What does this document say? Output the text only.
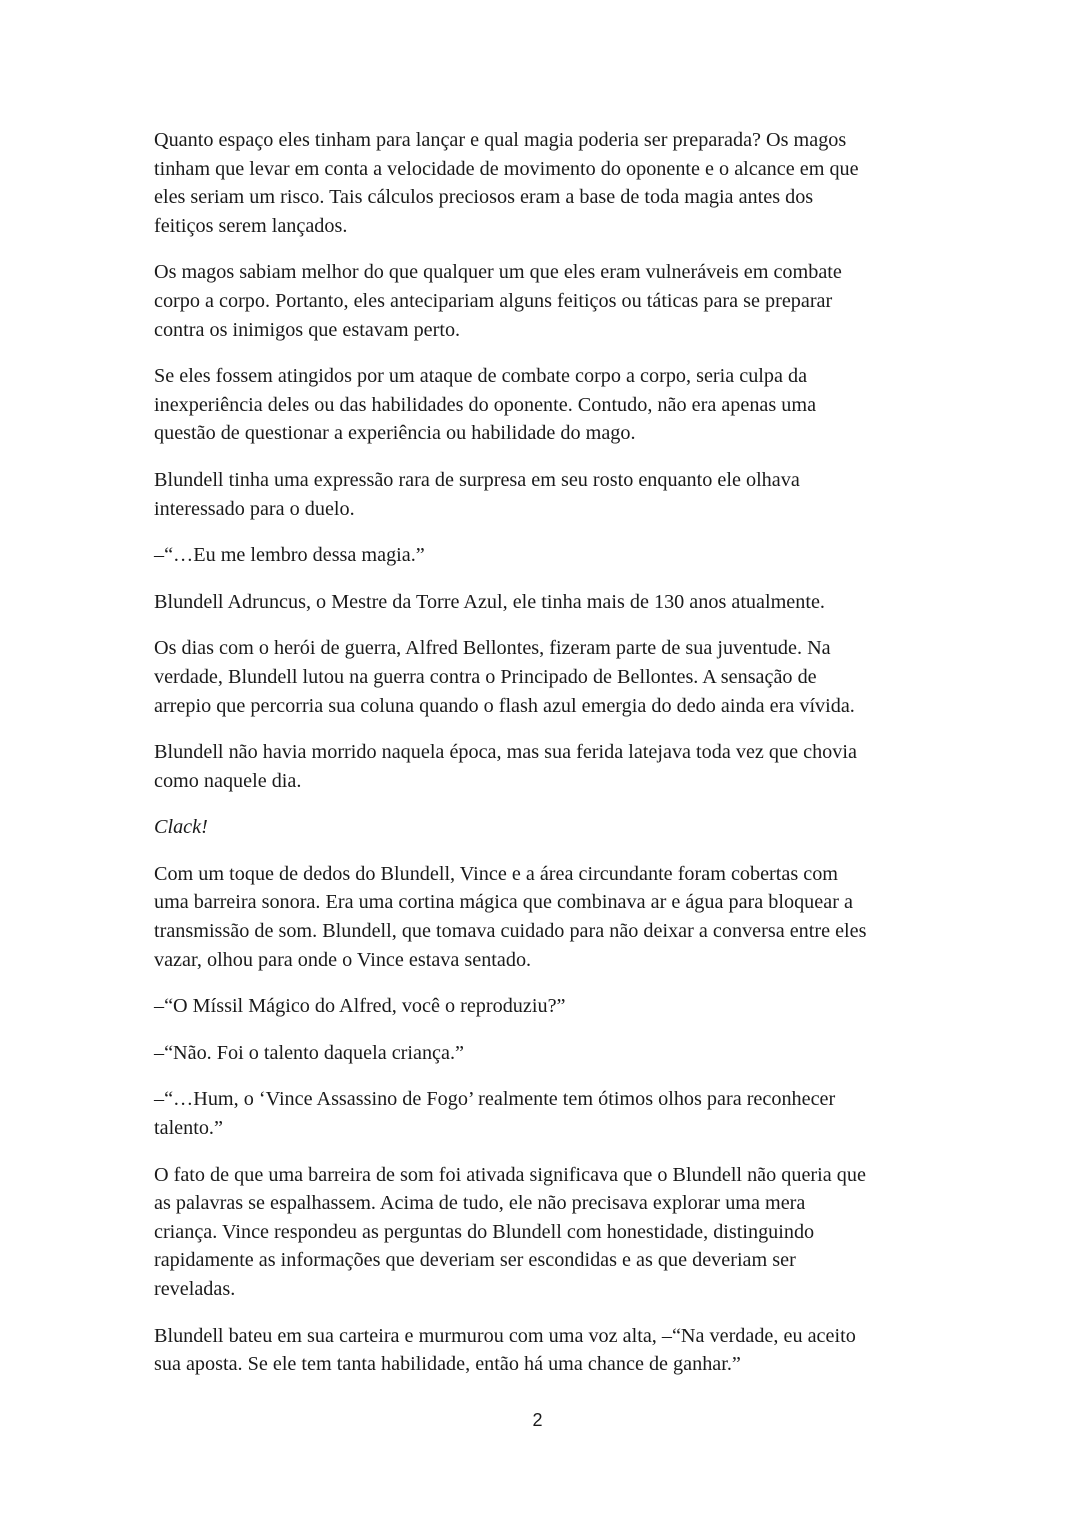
Quanto espaço eles tinham para lançar e qual magia poderia ser preparada? Os magos
tinham que levar em conta a velocidade de movimento do oponente e o alcance em que
eles seriam um risco. Tais cálculos preciosos eram a base de toda magia antes dos
feitiços serem lançados.

Os magos sabiam melhor do que qualquer um que eles eram vulneráveis em combate
corpo a corpo. Portanto, eles antecipariam alguns feitiços ou táticas para se preparar
contra os inimigos que estavam perto.

Se eles fossem atingidos por um ataque de combate corpo a corpo, seria culpa da
inexperiência deles ou das habilidades do oponente. Contudo, não era apenas uma
questão de questionar a experiência ou habilidade do mago.

Blundell tinha uma expressão rara de surpresa em seu rosto enquanto ele olhava
interessado para o duelo.

–“…Eu me lembro dessa magia.”

Blundell Adruncus, o Mestre da Torre Azul, ele tinha mais de 130 anos atualmente.

Os dias com o herói de guerra, Alfred Bellontes, fizeram parte de sua juventude. Na
verdade, Blundell lutou na guerra contra o Principado de Bellontes. A sensação de
arrepio que percorria sua coluna quando o flash azul emergia do dedo ainda era vívida.

Blundell não havia morrido naquela época, mas sua ferida latejava toda vez que chovia
como naquele dia.

Clack!

Com um toque de dedos do Blundell, Vince e a área circundante foram cobertas com
uma barreira sonora. Era uma cortina mágica que combinava ar e água para bloquear a
transmissão de som. Blundell, que tomava cuidado para não deixar a conversa entre eles
vazar, olhou para onde o Vince estava sentado.

–“O Míssil Mágico do Alfred, você o reproduziu?”

–“Não. Foi o talento daquela criança.”

–“…Hum, o ‘Vince Assassino de Fogo’ realmente tem ótimos olhos para reconhecer
talento.”

O fato de que uma barreira de som foi ativada significava que o Blundell não queria que
as palavras se espalhassem. Acima de tudo, ele não precisava explorar uma mera
criança. Vince respondeu as perguntas do Blundell com honestidade, distinguindo
rapidamente as informações que deveriam ser escondidas e as que deveriam ser
reveladas.

Blundell bateu em sua carteira e murmurou com uma voz alta, –“Na verdade, eu aceito
sua aposta. Se ele tem tanta habilidade, então há uma chance de ganhar.”

2
